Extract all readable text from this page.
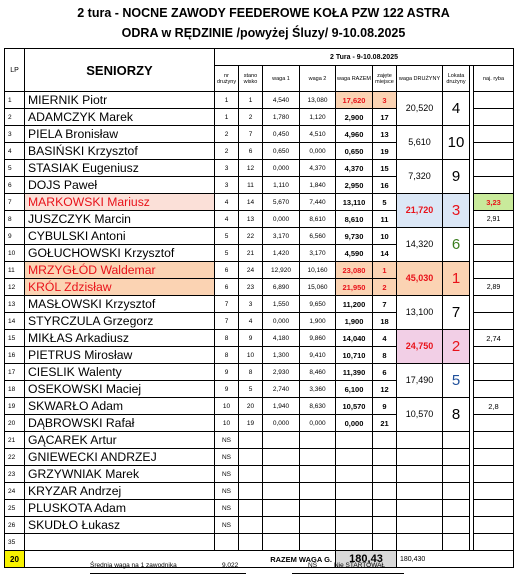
2 tura - NOCNE ZAWODY FEEDEROWE KOŁA PZW 122 ASTRA
ODRA w RĘDZINIE /powyżej Śluzy/ 9-10.08.2025
LP	SENIORZY	2 Tura - 9-10.08.2025									
		nr drużyny	stano wisko	waga 1	waga 2	waga RAZEM	zajęte miejsce	waga DRUŻYNY	Lokata drużyny		naj. ryba
1	MIERNIK Piotr	1	1	4,540	13,080	17,620	3	20,520	4		
2	ADAMCZYK Marek	1	2	1,780	1,120	2,900	17				
3	PIELA Bronisław	2	7	0,450	4,510	4,960	13	5,610	10		
4	BASIŃSKI Krzysztof	2	6	0,650	0,000	0,650	19				
5	STASIAK Eugeniusz	3	12	0,000	4,370	4,370	15	7,320	9		
6	DOJS Paweł	3	11	1,110	1,840	2,950	16				
7	MARKOWSKI Mariusz	4	14	5,670	7,440	13,110	5	21,720	3		3,23
8	JUSZCZYK Marcin	4	13	0,000	8,610	8,610	11				2,91
9	CYBULSKI Antoni	5	22	3,170	6,560	9,730	10	14,320	6		
10	GOŁUCHOWSKI Krzysztof	5	21	1,420	3,170	4,590	14				
11	MRZYGŁÓD Waldemar	6	24	12,920	10,160	23,080	1	45,030	1		
12	KRÓL Zdzisław	6	23	6,890	15,060	21,950	2				2,89
13	MASŁOWSKI Krzysztof	7	3	1,550	9,650	11,200	7	13,100	7		
14	STYRCZULA Grzegorz	7	4	0,000	1,900	1,900	18				
15	MIKŁAS Arkadiusz	8	9	4,180	9,860	14,040	4	24,750	2		2,74
16	PIETRUS Mirosław	8	10	1,300	9,410	10,710	8				
17	CIESLIK Walenty	9	8	2,930	8,460	11,390	6	17,490	5		
18	OSEKOWSKI Maciej	9	5	2,740	3,360	6,100	12				
19	SKWARŁO Adam	10	20	1,940	8,630	10,570	9	10,570	8		2,8
20	DĄBROWSKI Rafał	10	19	0,000	0,000	0,000	21				
21	GĄCAREK Artur	NS									
22	GNIEWECKI ANDRZEJ	NS									
23	GRZYWNIAK Marek	NS									
24	KRYZAR Andrzej	NS									
25	PLUSKOTA Adam	NS									
26	SKUDŁO Łukasz	NS									
35											
20	RAZEM WAGA G.					180,43		180,430			
Średnia waga na 1 zawodnika	9,022	NS	Nie STARTOWAŁ
